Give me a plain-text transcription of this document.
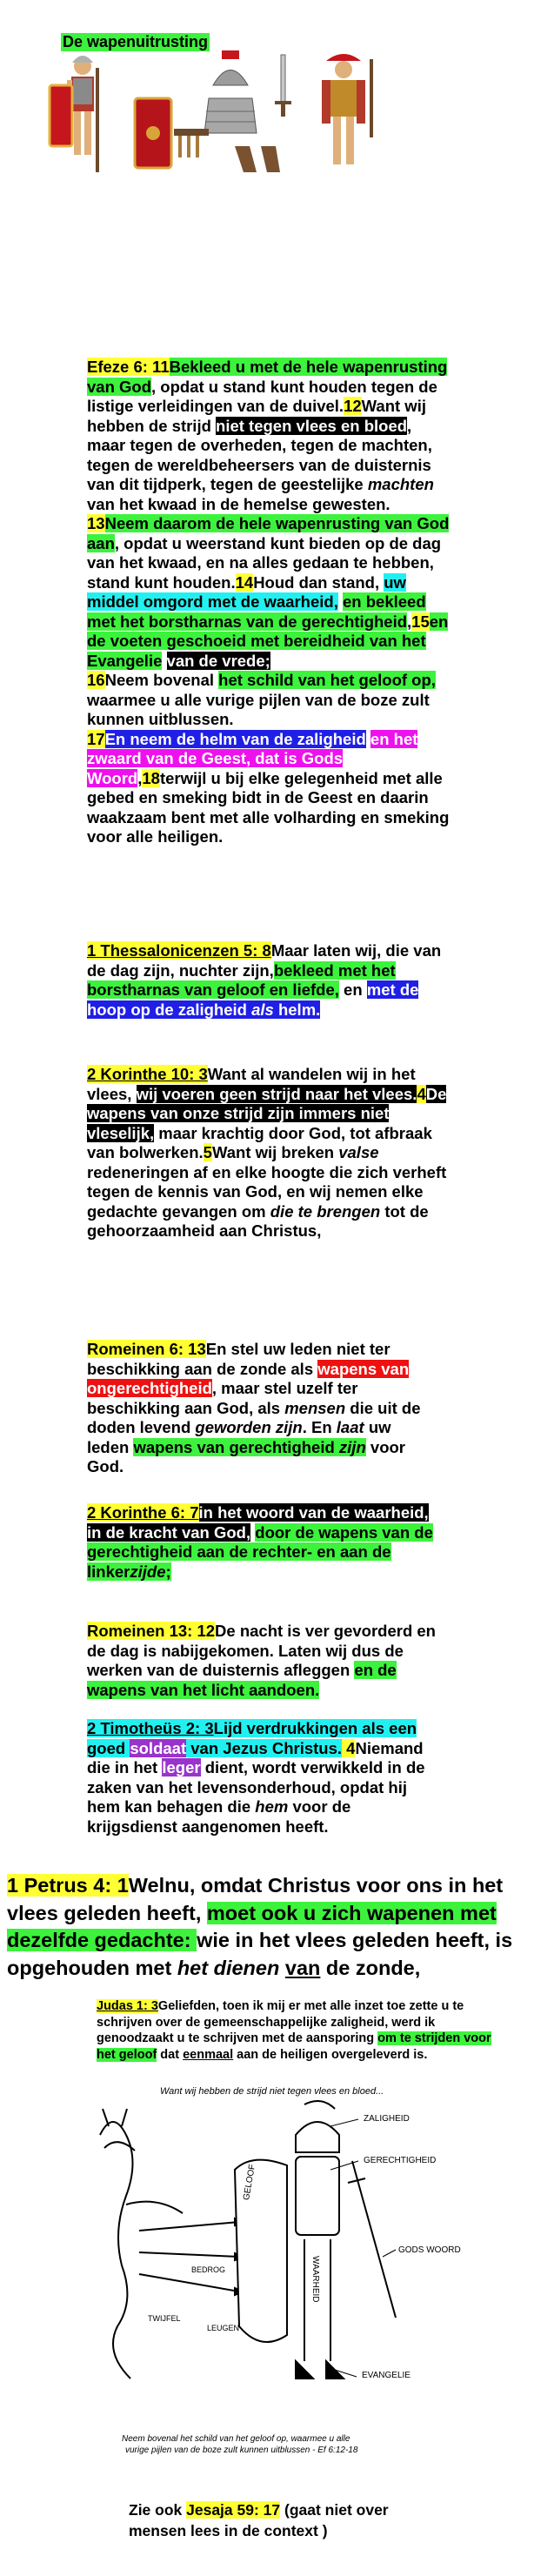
De wapenuitrusting
Efeze 6: 11Bekleed u met de hele wapenrusting van God, opdat u stand kunt houden tegen de listige verleidingen van de duivel.12Want wij hebben de strijd niet tegen vlees en bloed, maar tegen de overheden, tegen de machten, tegen de wereldbeheersers van de duisternis van dit tijdperk, tegen de geestelijke machten van het kwaad in de hemelse gewesten.
13Neem daarom de hele wapenrusting van God aan, opdat u weerstand kunt bieden op de dag van het kwaad, en na alles gedaan te hebben, stand kunt houden.14Houd dan stand, uw middel omgord met de waarheid, en bekleed met het borstharnas van de gerechtigheid,15en de voeten geschoeid met bereidheid van het Evangelie van de vrede;
16Neem bovenal het schild van het geloof op, waarmee u alle vurige pijlen van de boze zult kunnen uitblussen.
17En neem de helm van de zaligheid en het zwaard van de Geest, dat is Gods Woord,18terwijl u bij elke gelegenheid met alle gebed en smeking bidt in de Geest en daarin waakzaam bent met alle volharding en smeking voor alle heiligen.
1 Thessalonicenzen 5: 8Maar laten wij, die van de dag zijn, nuchter zijn,bekleed met het borstharnas van geloof en liefde, en met de hoop op de zaligheid als helm.
2 Korinthe 10: 3Want al wandelen wij in het vlees, wij voeren geen strijd naar het vlees.4De wapens van onze strijd zijn immers niet vleselijk, maar krachtig door God, tot afbraak van bolwerken.5Want wij breken valse redeneringen af en elke hoogte die zich verheft tegen de kennis van God, en wij nemen elke gedachte gevangen om die te brengen tot de gehoorzaamheid aan Christus,
Romeinen 6: 13En stel uw leden niet ter beschikking aan de zonde als wapens van ongerechtigheid, maar stel uzelf ter beschikking aan God, als mensen die uit de doden levend geworden zijn. En laat uw leden wapens van gerechtigheid zijn voor God.
2 Korinthe 6: 7in het woord van de waarheid, in de kracht van God, door de wapens van de gerechtigheid aan de rechter- en aan de linkerzijde;
Romeinen 13: 12De nacht is ver gevorderd en de dag is nabijgekomen. Laten wij dus de werken van de duisternis afleggen en de wapens van het licht aandoen.
2 Timotheüs 2: 3Lijd verdrukkingen als een goed soldaat van Jezus Christus. 4Niemand die in het leger dient, wordt verwikkeld in de zaken van het levensonderhoud, opdat hij hem kan behagen die hem voor de krijgsdienst aangenomen heeft.
1 Petrus 4: 1Welnu, omdat Christus voor ons in het vlees geleden heeft, moet ook u zich wapenen met dezelfde gedachte: wie in het vlees geleden heeft, is opgehouden met het dienen van de zonde,
Judas 1: 3Geliefden, toen ik mij er met alle inzet toe zette u te schrijven over de gemeenschappelijke zaligheid, werd ik genoodzaakt u te schrijven met de aansporing om te strijden voor het geloof dat eenmaal aan de heiligen overgeleverd is.
Want wij hebben de strijd niet tegen vlees en bloed...
ZALIGHEID
GERECHTIGHEID
GELOOF
WAARHEID
GODS WOORD
EVANGELIE
BEDROG
TWIJFEL
LEUGEN
Neem bovenal het schild van het geloof op, waarmee u alle
vurige pijlen van de boze zult kunnen uitblussen - Ef 6:12-18
Zie ook Jesaja 59: 17 (gaat niet over mensen lees in de context )
